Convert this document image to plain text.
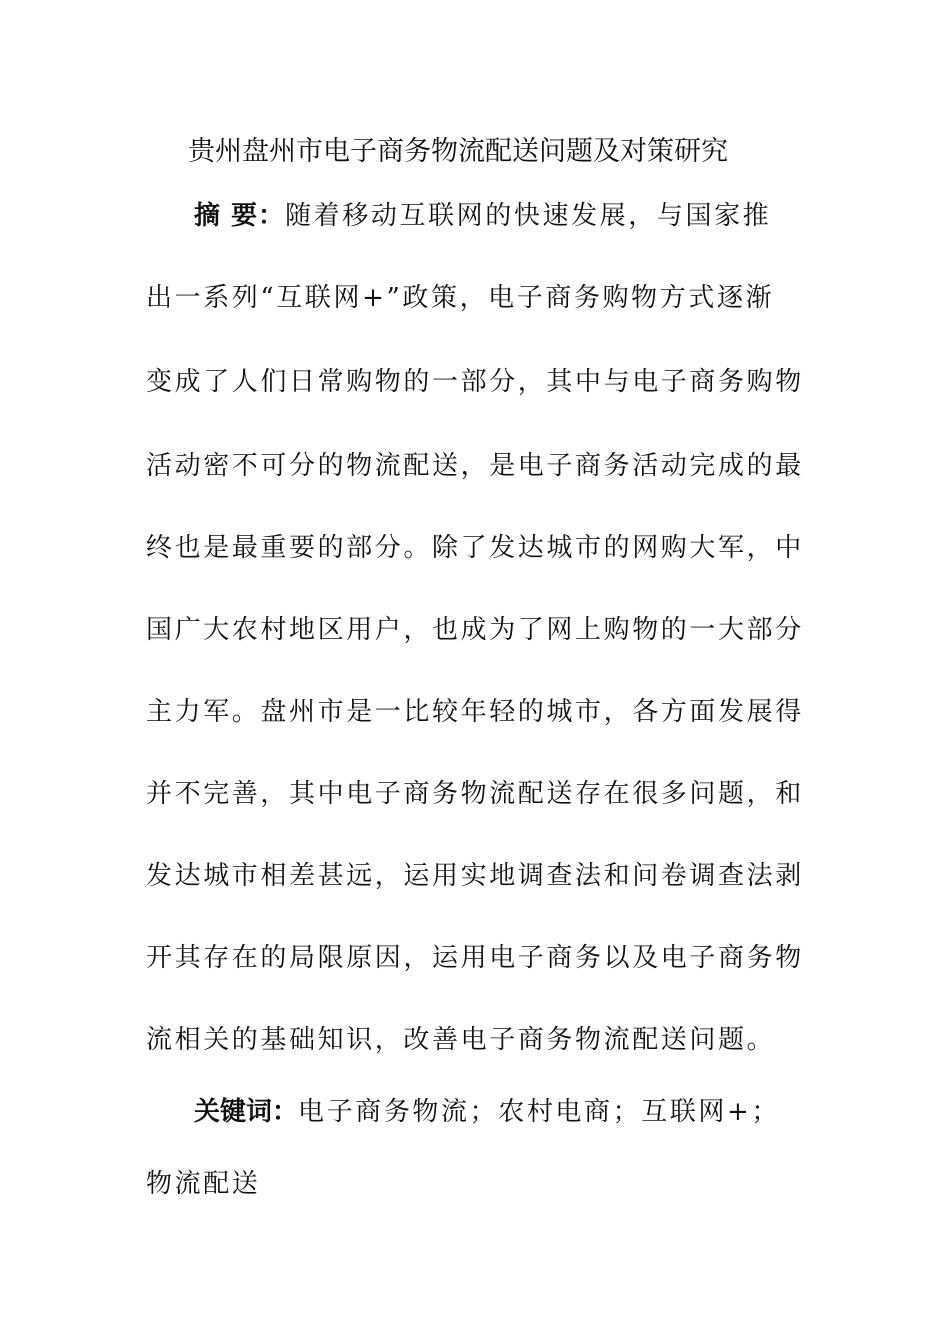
贵州盘州市电子商务物流配送问题及对策研究
摘 要：随着移动互联网的快速发展，与国家推
出一系列“互联网+”政策，电子商务购物方式逐渐
变成了人们日常购物的一部分，其中与电子商务购物
活动密不可分的物流配送，是电子商务活动完成的最
终也是最重要的部分。除了发达城市的网购大军，中
国广大农村地区用户，也成为了网上购物的一大部分
主力军。盘州市是一比较年轻的城市，各方面发展得
并不完善，其中电子商务物流配送存在很多问题，和
发达城市相差甚远，运用实地调查法和问卷调查法剥
开其存在的局限原因，运用电子商务以及电子商务物
流相关的基础知识，改善电子商务物流配送问题。
关键词：电子商务物流；农村电商；互联网+；
物流配送
